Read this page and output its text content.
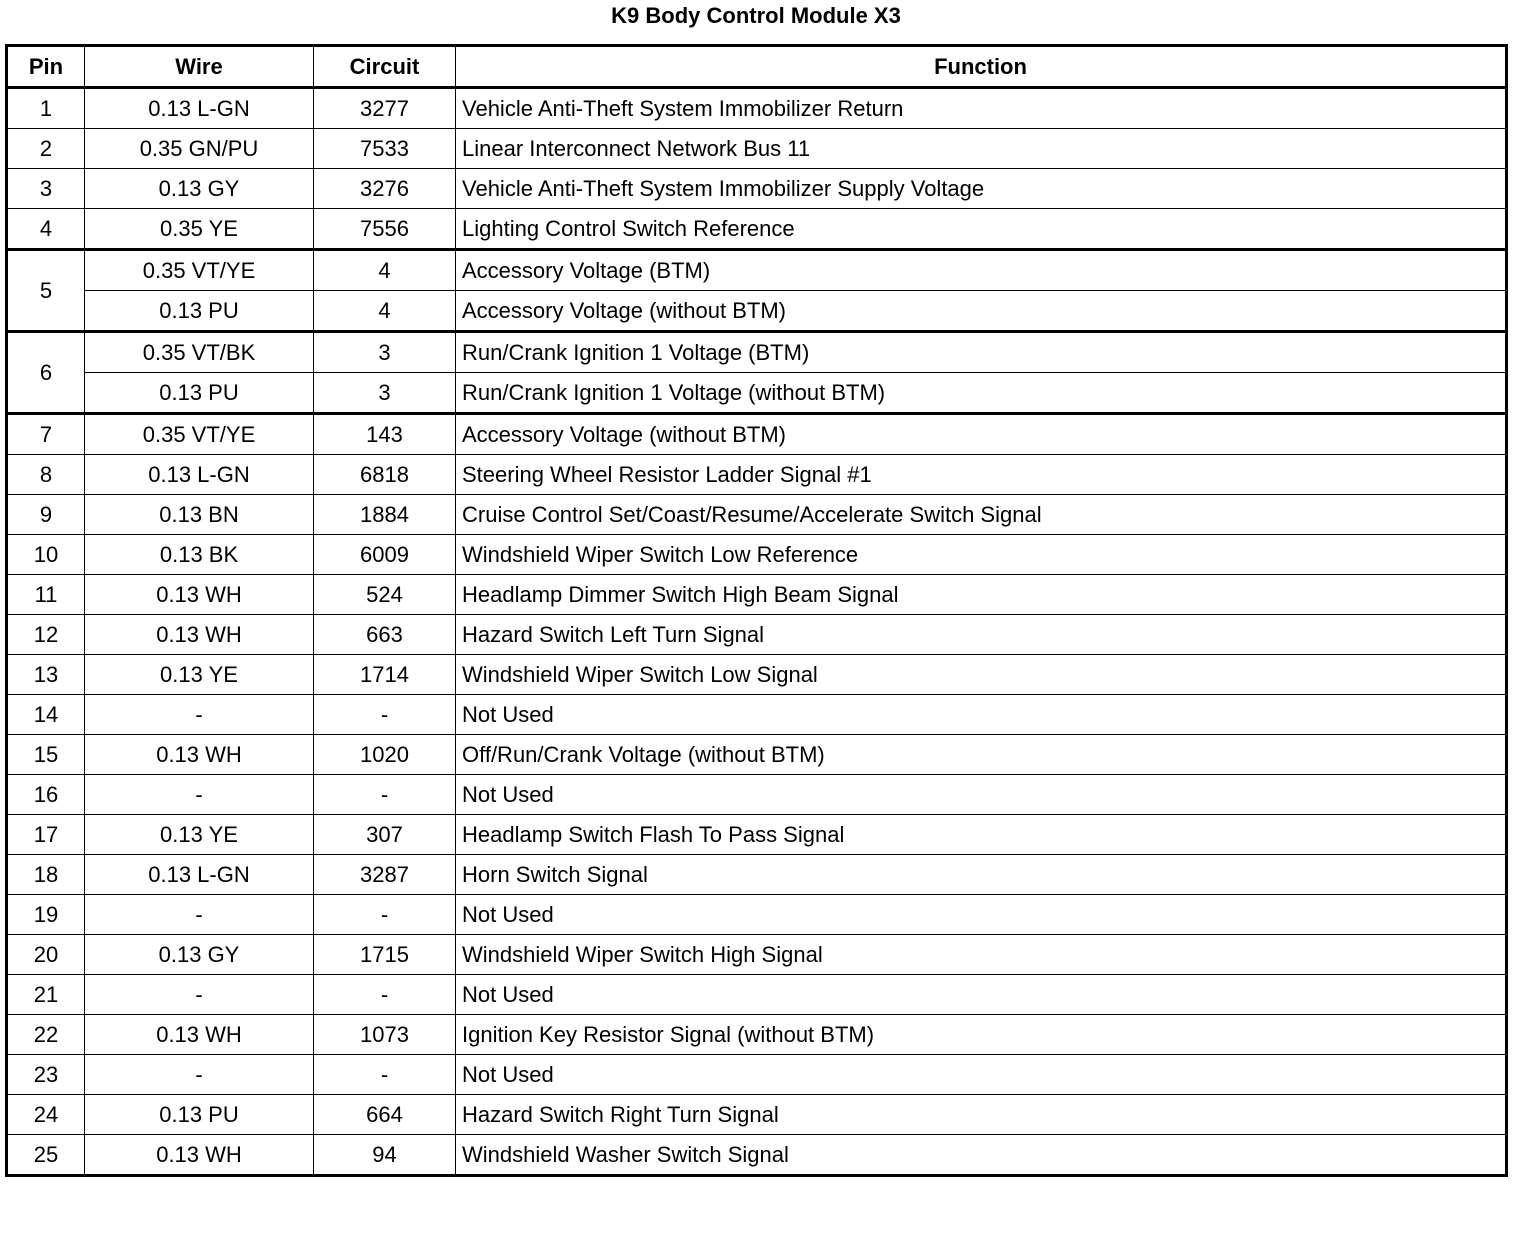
K9 Body Control Module X3
Pin	Wire	Circuit	Function
1	0.13 L-GN	3277	Vehicle Anti-Theft System Immobilizer Return
2	0.35 GN/PU	7533	Linear Interconnect Network Bus 11
3	0.13 GY	3276	Vehicle Anti-Theft System Immobilizer Supply Voltage
4	0.35 YE	7556	Lighting Control Switch Reference
5	0.35 VT/YE	4	Accessory Voltage (BTM)
	0.13 PU	4	Accessory Voltage (without BTM)
6	0.35 VT/BK	3	Run/Crank Ignition 1 Voltage (BTM)
	0.13 PU	3	Run/Crank Ignition 1 Voltage (without BTM)
7	0.35 VT/YE	143	Accessory Voltage (without BTM)
8	0.13 L-GN	6818	Steering Wheel Resistor Ladder Signal #1
9	0.13 BN	1884	Cruise Control Set/Coast/Resume/Accelerate Switch Signal
10	0.13 BK	6009	Windshield Wiper Switch Low Reference
11	0.13 WH	524	Headlamp Dimmer Switch High Beam Signal
12	0.13 WH	663	Hazard Switch Left Turn Signal
13	0.13 YE	1714	Windshield Wiper Switch Low Signal
14	-	-	Not Used
15	0.13 WH	1020	Off/Run/Crank Voltage (without BTM)
16	-	-	Not Used
17	0.13 YE	307	Headlamp Switch Flash To Pass Signal
18	0.13 L-GN	3287	Horn Switch Signal
19	-	-	Not Used
20	0.13 GY	1715	Windshield Wiper Switch High Signal
21	-	-	Not Used
22	0.13 WH	1073	Ignition Key Resistor Signal (without BTM)
23	-	-	Not Used
24	0.13 PU	664	Hazard Switch Right Turn Signal
25	0.13 WH	94	Windshield Washer Switch Signal
